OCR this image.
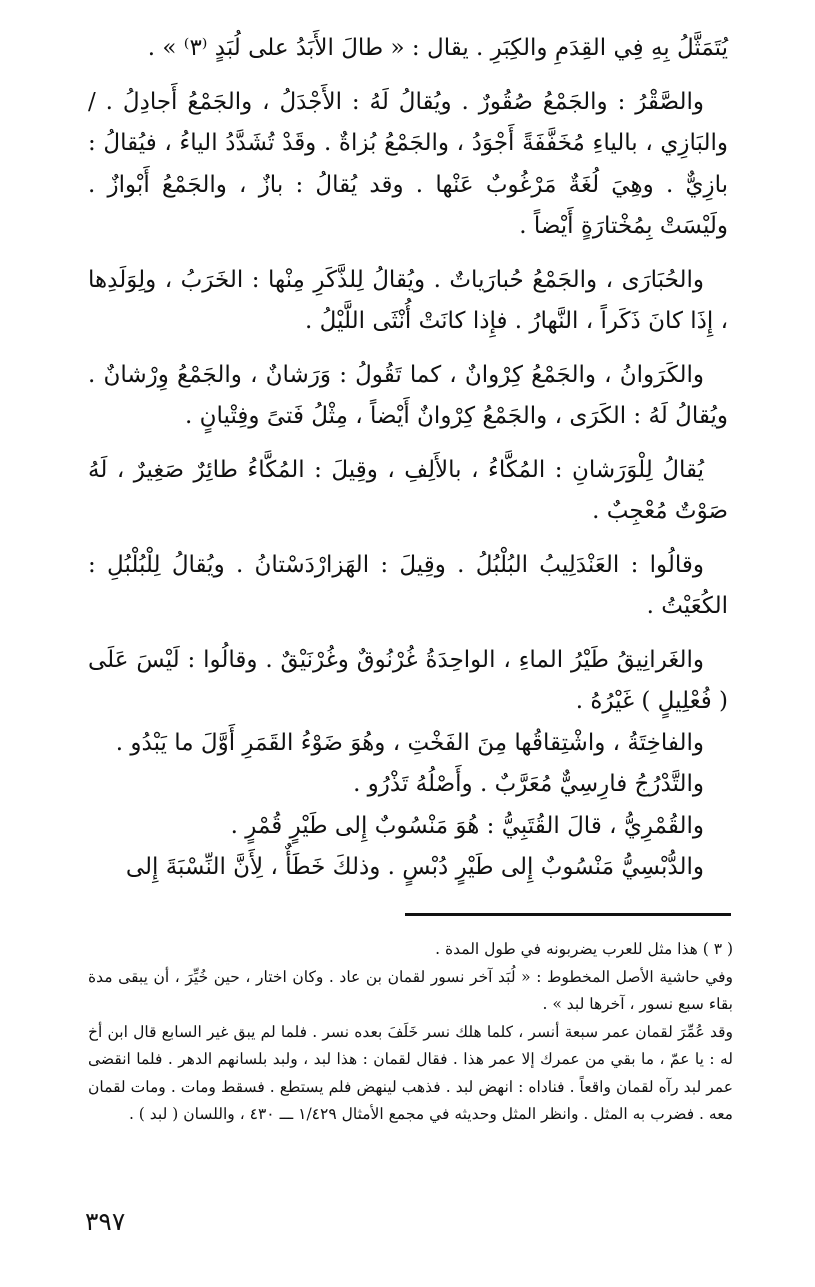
يُتَمَثَّلُ بِهِ فِي القِدَمِ والكِبَرِ . يقال : « طالَ الأَبَدُ على لُبَدٍ ⁽٣⁾ » .

والصَّقْرُ : والجَمْعُ صُقُورٌ . ويُقالُ لَهُ : الأَجْدَلُ ، والجَمْعُ أَجادِلُ . / والبَازِي ، بالياءِ مُخَفَّفَةً أَجْوَدُ ، والجَمْعُ بُزاةٌ . وقَدْ تُشَدَّدُ الياءُ ، فيُقالُ : بازِيٌّ . وهِيَ لُغَةٌ مَرْغُوبٌ عَنْها . وقد يُقالُ : بازٌ ، والجَمْعُ أَبْوازٌ . ولَيْسَتْ بِمُخْتارَةٍ أَيْضاً .

والحُبَارَى ، والجَمْعُ حُبارَياتٌ . ويُقالُ لِلذَّكَرِ مِنْها : الخَرَبُ ، ولِوَلَدِها ، إِذَا كانَ ذَكَراً ، النَّهارُ . فإِذا كانَتْ أُنْثَى اللَّيْلُ .

والكَرَوانُ ، والجَمْعُ كِرْوانٌ ، كما تَقُولُ : وَرَشانٌ ، والجَمْعُ وِرْشانٌ . ويُقالُ لَهُ : الكَرَى ، والجَمْعُ كِرْوانٌ أَيْضاً ، مِثْلُ فَتىً وفِتْيانٍ .

يُقالُ لِلْوَرَشانِ : المُكَّاءُ ، بالأَلِفِ ، وقِيلَ : المُكَّاءُ طائِرٌ صَغِيرٌ ، لَهُ صَوْتٌ مُعْجِبٌ .

وقالُوا : العَنْدَلِيبُ البُلْبُلُ . وقِيلَ : الهَزارْدَسْتانُ . ويُقالُ لِلْبُلْبُلِ : الكُعَيْتُ .

والغَرانِيقُ طَيْرُ الماءِ ، الواحِدَةُ غُرْنُوقٌ وغُرْنَيْقٌ . وقالُوا : لَيْسَ عَلَى ( فُعْلِيلٍ ) غَيْرُهُ .

والفاخِتَةُ ، واشْتِقاقُها مِنَ الفَخْتِ ، وهُوَ ضَوْءُ القَمَرِ أَوَّلَ ما يَبْدُو .

والتَّدْرُجُ فارِسِيٌّ مُعَرَّبٌ . وأَصْلُهُ تَذْرُو .

والقُمْرِيُّ ، قالَ القُتَبِيُّ : هُوَ مَنْسُوبٌ إِلى طَيْرٍ قُمْرٍ .

والدُّبْسِيُّ مَنْسُوبٌ إِلى طَيْرٍ دُبْسٍ . وذلكَ خَطَأٌ ، لِأَنَّ النِّسْبَةَ إِلى

( ٣ ) هذا مثل للعرب يضربونه في طول المدة .

وفي حاشية الأصل المخطوط : « لُبَد آخر نسور لقمان بن عاد . وكان اختار ، حين خُيِّرَ ، أن يبقى مدة بقاء سبع نسور ، آخرها لبد » .

وقد عُمِّرَ لقمان عمر سبعة أنسر ، كلما هلك نسر خَلَفَ بعده نسر . فلما لم يبق غير السابع قال ابن أخ له : يا عمّ ، ما بقي من عمرك إلا عمر هذا . فقال لقمان : هذا لبد ، ولبد بلسانهم الدهر . فلما انقضى عمر لبد رآه لقمان واقعاً . فناداه : انهض لبد . فذهب لينهض فلم يستطع . فسقط ومات . ومات لقمان معه . فضرب به المثل . وانظر المثل وحديثه في مجمع الأمثال ١/٤٢٩ ـــ ٤٣٠ ، واللسان ( لبد ) .

٣٩٧
